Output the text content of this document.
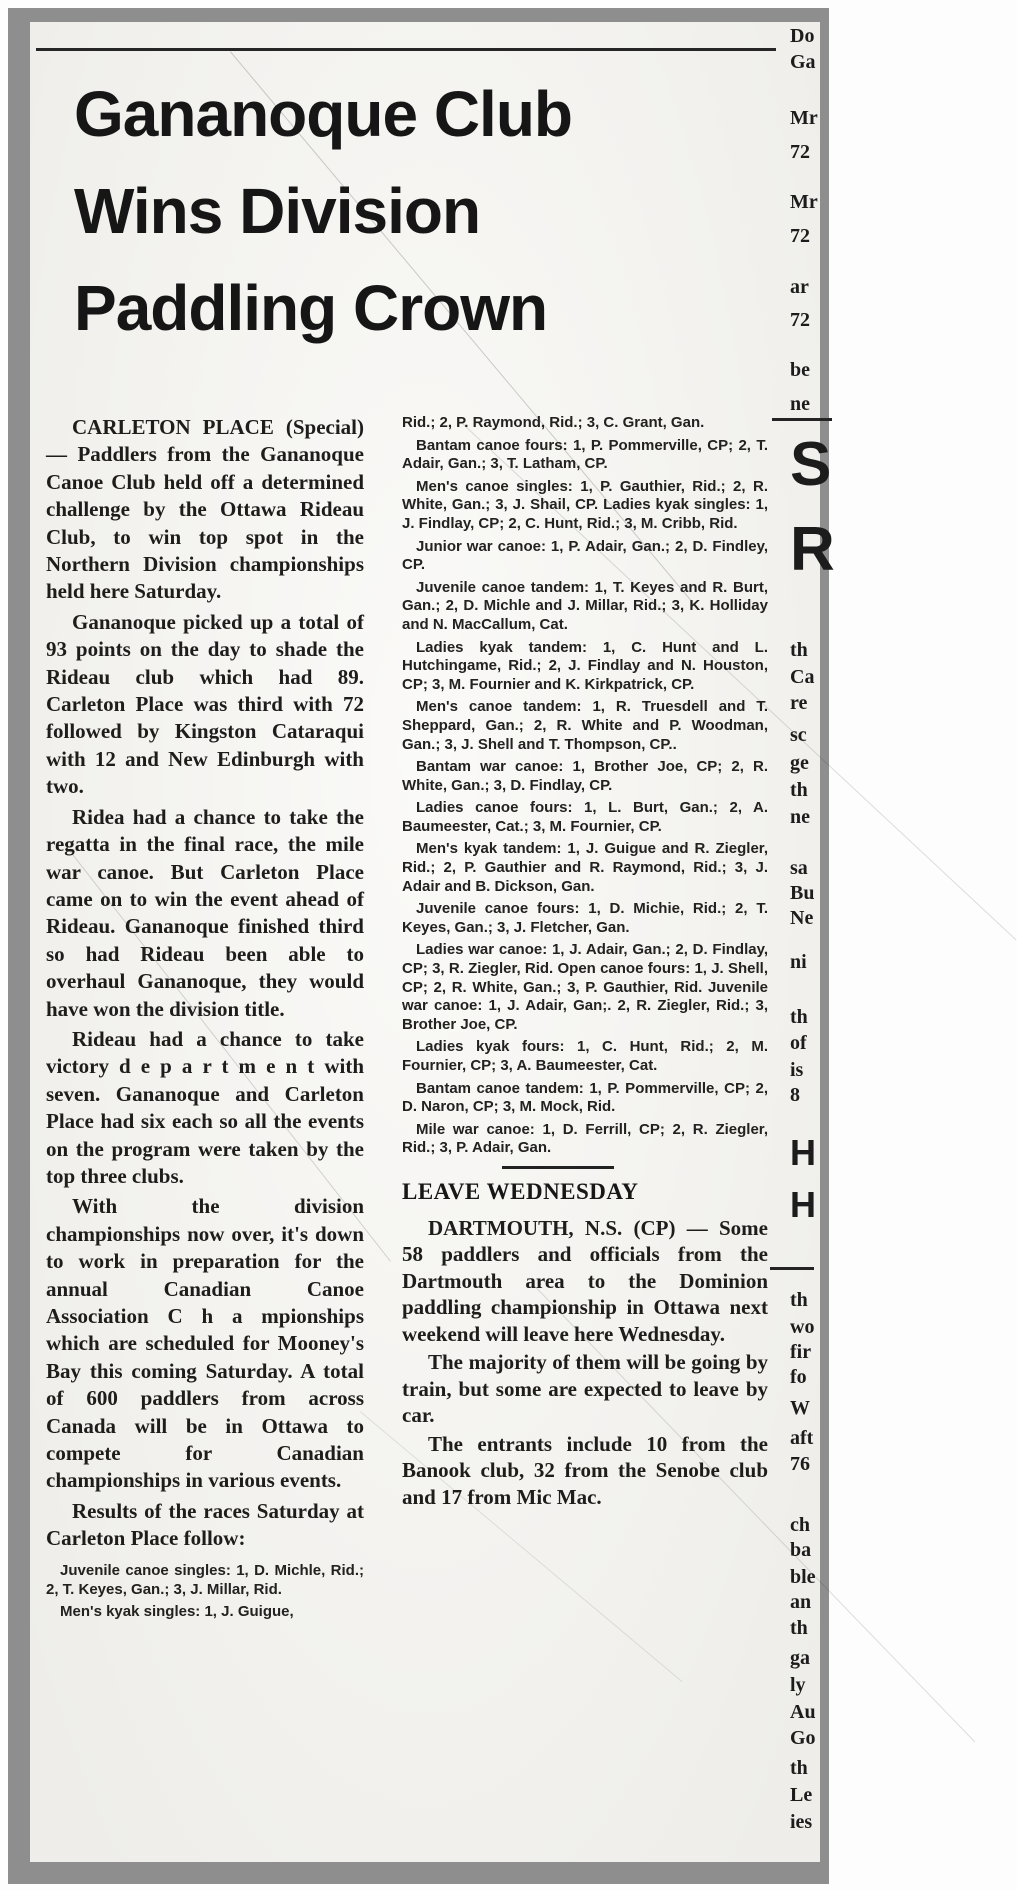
Gananoque Club
Wins Division
Paddling Crown

CARLETON PLACE (Special) — Paddlers from the Gananoque Canoe Club held off a determined challenge by the Ottawa Rideau Club, to win top spot in the Northern Division championships held here Saturday.

Gananoque picked up a total of 93 points on the day to shade the Rideau club which had 89. Carleton Place was third with 72 followed by Kingston Cataraqui with 12 and New Edinburgh with two.

Ridea had a chance to take the regatta in the final race, the mile war canoe. But Carleton Place came on to win the event ahead of Rideau. Gananoque finished third so had Rideau been able to overhaul Gananoque, they would have won the division title.

Rideau had a chance to take victory d e p a r t m e n t with seven. Gananoque and Carleton Place had six each so all the events on the program were taken by the top three clubs.

With the division championships now over, it's down to work in preparation for the annual Canadian Canoe Association C h a mpionships which are scheduled for Mooney's Bay this coming Saturday. A total of 600 paddlers from across Canada will be in Ottawa to compete for Canadian championships in various events.

Results of the races Saturday at Carleton Place follow:

Juvenile canoe singles: 1, D. Michle, Rid.; 2, T. Keyes, Gan.; 3, J. Millar, Rid.

Men's kyak singles: 1, J. Guigue,

Rid.; 2, P. Raymond, Rid.; 3, C. Grant, Gan.

Bantam canoe fours: 1, P. Pommerville, CP; 2, T. Adair, Gan.; 3, T. Latham, CP.

Men's canoe singles: 1, P. Gauthier, Rid.; 2, R. White, Gan.; 3, J. Shail, CP. Ladies kyak singles: 1, J. Findlay, CP; 2, C. Hunt, Rid.; 3, M. Cribb, Rid.

Junior war canoe: 1, P. Adair, Gan.; 2, D. Findley, CP.

Juvenile canoe tandem: 1, T. Keyes and R. Burt, Gan.; 2, D. Michle and J. Millar, Rid.; 3, K. Holliday and N. MacCallum, Cat.

Ladies kyak tandem: 1, C. Hunt and L. Hutchingame, Rid.; 2, J. Findlay and N. Houston, CP; 3, M. Fournier and K. Kirkpatrick, CP.

Men's canoe tandem: 1, R. Truesdell and T. Sheppard, Gan.; 2, R. White and P. Woodman, Gan.; 3, J. Shell and T. Thompson, CP..

Bantam war canoe: 1, Brother Joe, CP; 2, R. White, Gan.; 3, D. Findlay, CP.

Ladies canoe fours: 1, L. Burt, Gan.; 2, A. Baumeester, Cat.; 3, M. Fournier, CP.

Men's kyak tandem: 1, J. Guigue and R. Ziegler, Rid.; 2, P. Gauthier and R. Raymond, Rid.; 3, J. Adair and B. Dickson, Gan.

Juvenile canoe fours: 1, D. Michie, Rid.; 2, T. Keyes, Gan.; 3, J. Fletcher, Gan.

Ladies war canoe: 1, J. Adair, Gan.; 2, D. Findlay, CP; 3, R. Ziegler, Rid. Open canoe fours: 1, J. Shell, CP; 2, R. White, Gan.; 3, P. Gauthier, Rid. Juvenile war canoe: 1, J. Adair, Gan;. 2, R. Ziegler, Rid.; 3, Brother Joe, CP.

Ladies kyak fours: 1, C. Hunt, Rid.; 2, M. Fournier, CP; 3, A. Baumeester, Cat.

Bantam canoe tandem: 1, P. Pommerville, CP; 2, D. Naron, CP; 3, M. Mock, Rid.

Mile war canoe: 1, D. Ferrill, CP; 2, R. Ziegler, Rid.; 3, P. Adair, Gan.

LEAVE WEDNESDAY

DARTMOUTH, N.S. (CP) — Some 58 paddlers and officials from the Dartmouth area to the Dominion paddling championship in Ottawa next weekend will leave here Wednesday.

The majority of them will be going by train, but some are expected to leave by car.

The entrants include 10 from the Banook club, 32 from the Senobe club and 17 from Mic Mac.

Do
Ga
Mr
72
Mr
72
ar
72
be
ne
S
R
th
Ca
re
sc
ge
th
ne
sa
Bu
Ne
ni
th
of
is
8
H
H
th
wo
fir
fo
W
aft
76
ch
ba
ble
an
th
ga
ly
Au
Go
th
Le
ies
